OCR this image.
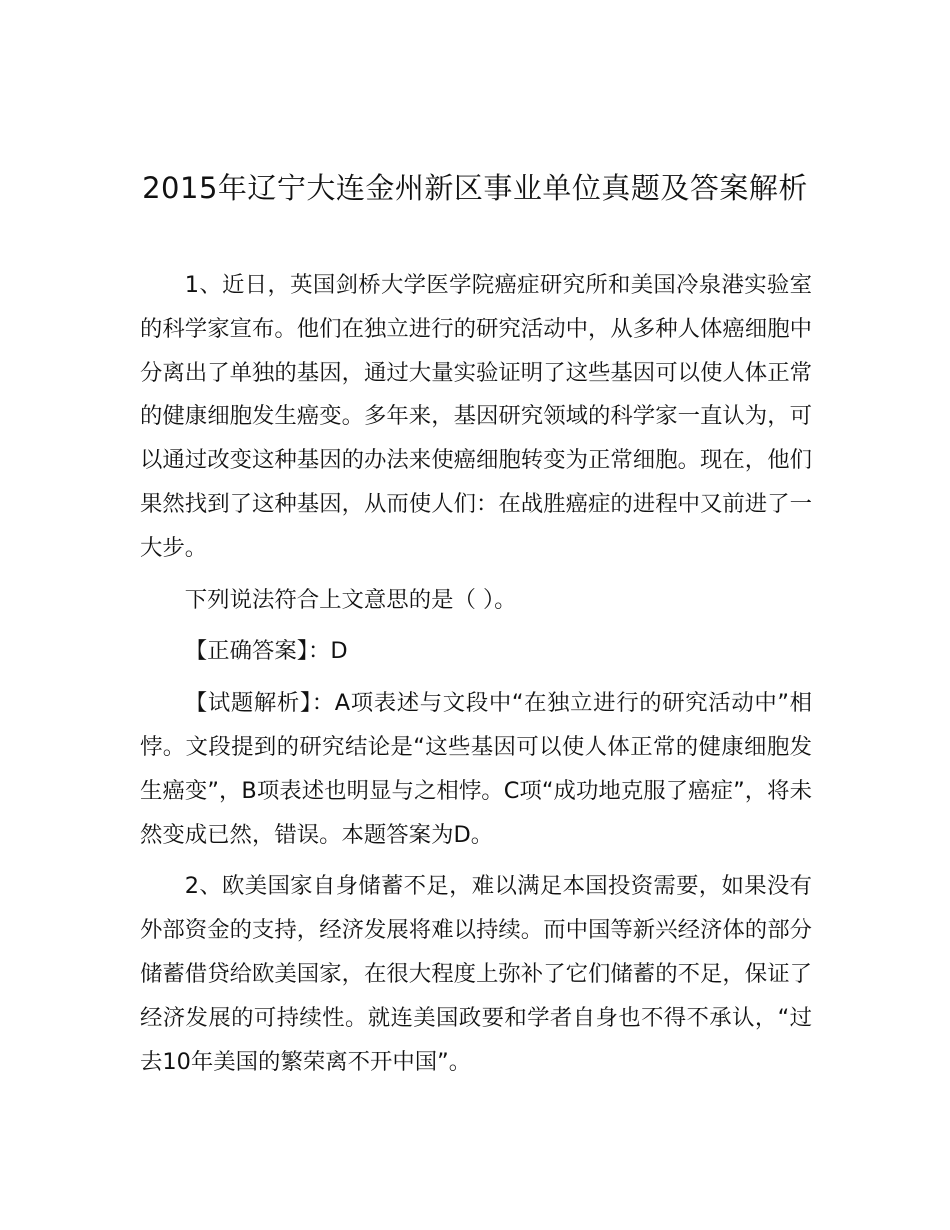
2015年辽宁大连金州新区事业单位真题及答案解析

1、近日，英国剑桥大学医学院癌症研究所和美国冷泉港实验室的科学家宣布。他们在独立进行的研究活动中，从多种人体癌细胞中分离出了单独的基因，通过大量实验证明了这些基因可以使人体正常的健康细胞发生癌变。多年来，基因研究领域的科学家一直认为，可以通过改变这种基因的办法来使癌细胞转变为正常细胞。现在，他们果然找到了这种基因，从而使人们：在战胜癌症的进程中又前进了一大步。

下列说法符合上文意思的是（ ）。

【正确答案】：D

【试题解析】：A项表述与文段中“在独立进行的研究活动中”相悖。文段提到的研究结论是“这些基因可以使人体正常的健康细胞发生癌变”，B项表述也明显与之相悖。C项“成功地克服了癌症”，将未然变成已然，错误。本题答案为D。

2、欧美国家自身储蓄不足，难以满足本国投资需要，如果没有外部资金的支持，经济发展将难以持续。而中国等新兴经济体的部分储蓄借贷给欧美国家，在很大程度上弥补了它们储蓄的不足，保证了经济发展的可持续性。就连美国政要和学者自身也不得不承认，“过去10年美国的繁荣离不开中国”。
